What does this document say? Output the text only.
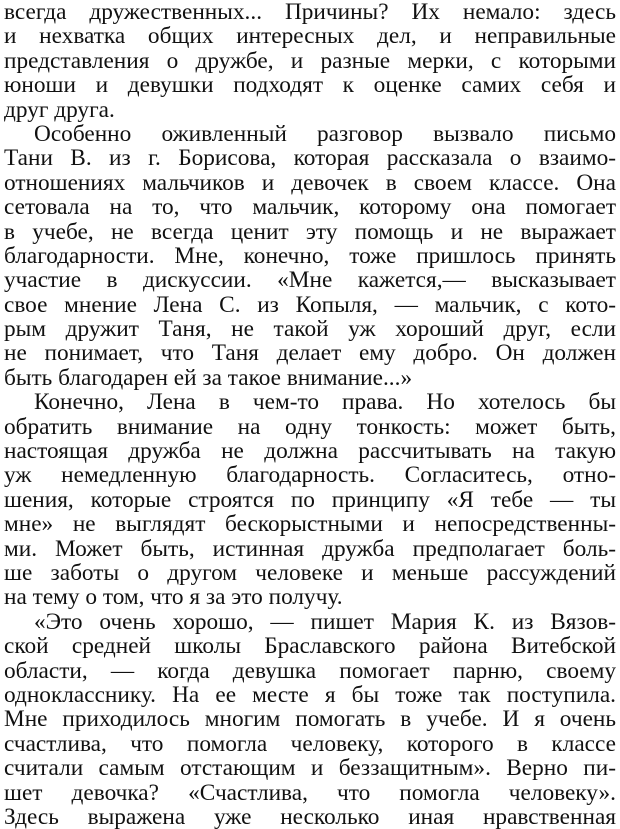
всегда дружественных... Причины? Их немало: здесь
и нехватка общих интересных дел, и неправильные
представления о дружбе, и разные мерки, с которыми
юноши и девушки подходят к оценке самих себя и
друг друга.
Особенно оживленный разговор вызвало письмо
Тани В. из г. Борисова, которая рассказала о взаимо-
отношениях мальчиков и девочек в своем классе. Она
сетовала на то, что мальчик, которому она помогает
в учебе, не всегда ценит эту помощь и не выражает
благодарности. Мне, конечно, тоже пришлось принять
участие в дискуссии. «Мне кажется,— высказывает
свое мнение Лена С. из Копыля, — мальчик, с кото-
рым дружит Таня, не такой уж хороший друг, если
не понимает, что Таня делает ему добро. Он должен
быть благодарен ей за такое внимание...»
Конечно, Лена в чем-то права. Но хотелось бы
обратить внимание на одну тонкость: может быть,
настоящая дружба не должна рассчитывать на такую
уж немедленную благодарность. Согласитесь, отно-
шения, которые строятся по принципу «Я тебе — ты
мне» не выглядят бескорыстными и непосредственны-
ми. Может быть, истинная дружба предполагает боль-
ше заботы о другом человеке и меньше рассуждений
на тему о том, что я за это получу.
«Это очень хорошо, — пишет Мария К. из Вязов-
ской средней школы Браславского района Витебской
области, — когда девушка помогает парню, своему
однокласснику. На ее месте я бы тоже так поступила.
Мне приходилось многим помогать в учебе. И я очень
счастлива, что помогла человеку, которого в классе
считали самым отстающим и беззащитным». Верно пи-
шет девочка? «Счастлива, что помогла человеку».
Здесь выражена уже несколько иная нравственная
